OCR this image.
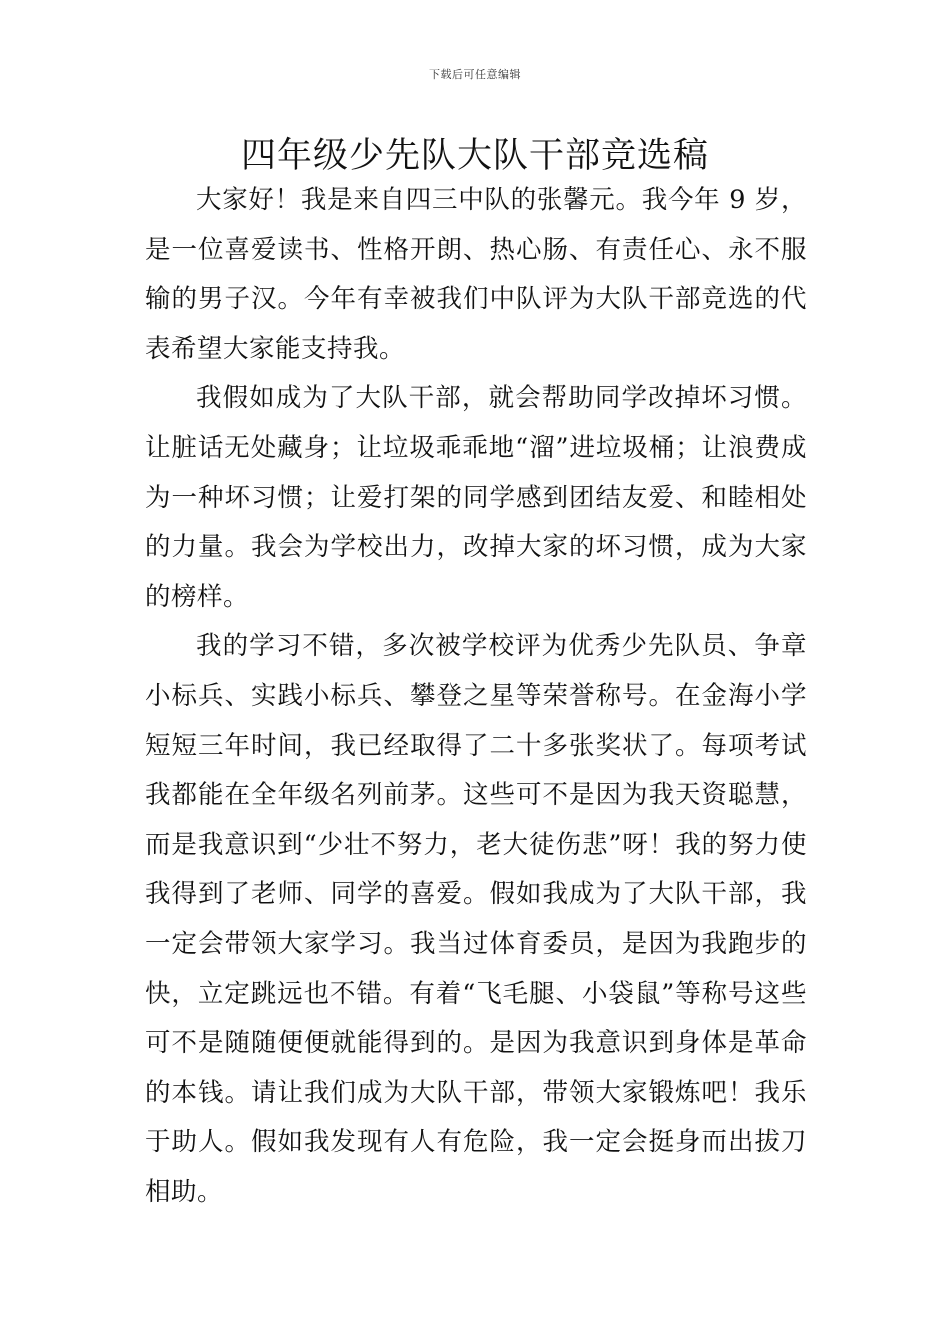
下载后可任意编辑
四年级少先队大队干部竞选稿

大家好！我是来自四三中队的张馨元。我今年 9 岁，是一位喜爱读书、性格开朗、热心肠、有责任心、永不服输的男子汉。今年有幸被我们中队评为大队干部竞选的代表希望大家能支持我。

我假如成为了大队干部，就会帮助同学改掉坏习惯。让脏话无处藏身；让垃圾乖乖地“溜”进垃圾桶；让浪费成为一种坏习惯；让爱打架的同学感到团结友爱、和睦相处的力量。我会为学校出力，改掉大家的坏习惯，成为大家的榜样。

我的学习不错，多次被学校评为优秀少先队员、争章小标兵、实践小标兵、攀登之星等荣誉称号。在金海小学短短三年时间，我已经取得了二十多张奖状了。每项考试我都能在全年级名列前茅。这些可不是因为我天资聪慧，而是我意识到“少壮不努力，老大徒伤悲”呀！我的努力使我得到了老师、同学的喜爱。假如我成为了大队干部，我一定会带领大家学习。我当过体育委员，是因为我跑步的快，立定跳远也不错。有着“飞毛腿、小袋鼠”等称号这些可不是随随便便就能得到的。是因为我意识到身体是革命的本钱。请让我们成为大队干部，带领大家锻炼吧！我乐于助人。假如我发现有人有危险，我一定会挺身而出拔刀相助。
